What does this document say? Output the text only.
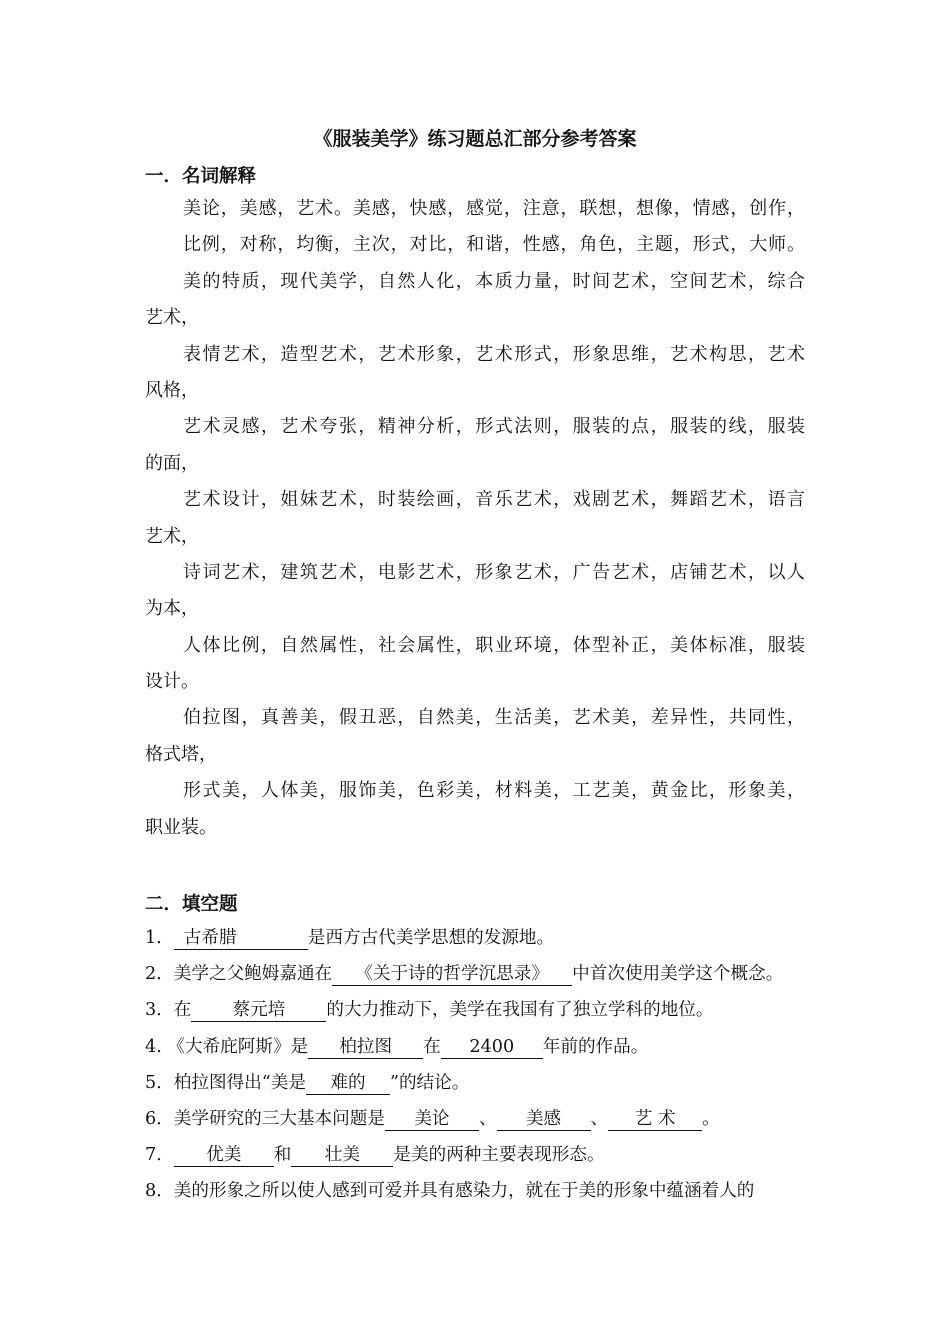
《服装美学》练习题总汇部分参考答案
一．名词解释
美论，美感，艺术。美感，快感，感觉，注意，联想，想像，情感，创作，
比例，对称，均衡，主次，对比，和谐，性感，角色，主题，形式，大师。
美的特质，现代美学，自然人化，本质力量，时间艺术，空间艺术，综合
艺术，
表情艺术，造型艺术，艺术形象，艺术形式，形象思维，艺术构思，艺术
风格，
艺术灵感，艺术夸张，精神分析，形式法则，服装的点，服装的线，服装
的面，
艺术设计，姐妹艺术，时装绘画，音乐艺术，戏剧艺术，舞蹈艺术，语言
艺术，
诗词艺术，建筑艺术，电影艺术，形象艺术，广告艺术，店铺艺术，以人
为本，
人体比例，自然属性，社会属性，职业环境，体型补正，美体标准，服装
设计。
伯拉图，真善美，假丑恶，自然美，生活美，艺术美，差异性，共同性，
格式塔，
形式美，人体美，服饰美，色彩美，材料美，工艺美，黄金比，形象美，
职业装。
二．填空题
1． 古希腊	是西方古代美学思想的发源地。
2．美学之父鲍姆嘉通在 《关于诗的哲学沉思录》 中首次使用美学这个概念。
3．在 蔡元培 的大力推动下，美学在我国有了独立学科的地位。
4. 《大希庇阿斯》是 柏拉图 在 2400 年前的作品。
5．柏拉图得出“美是 难的 ”的结论。
6．美学研究的三大基本问题是 美论 、 美感 、 艺 术 。
7． 优美 和 壮美 是美的两种主要表现形态。
8．美的形象之所以使人感到可爱并具有感染力，就在于美的形象中蕴涵着人的
